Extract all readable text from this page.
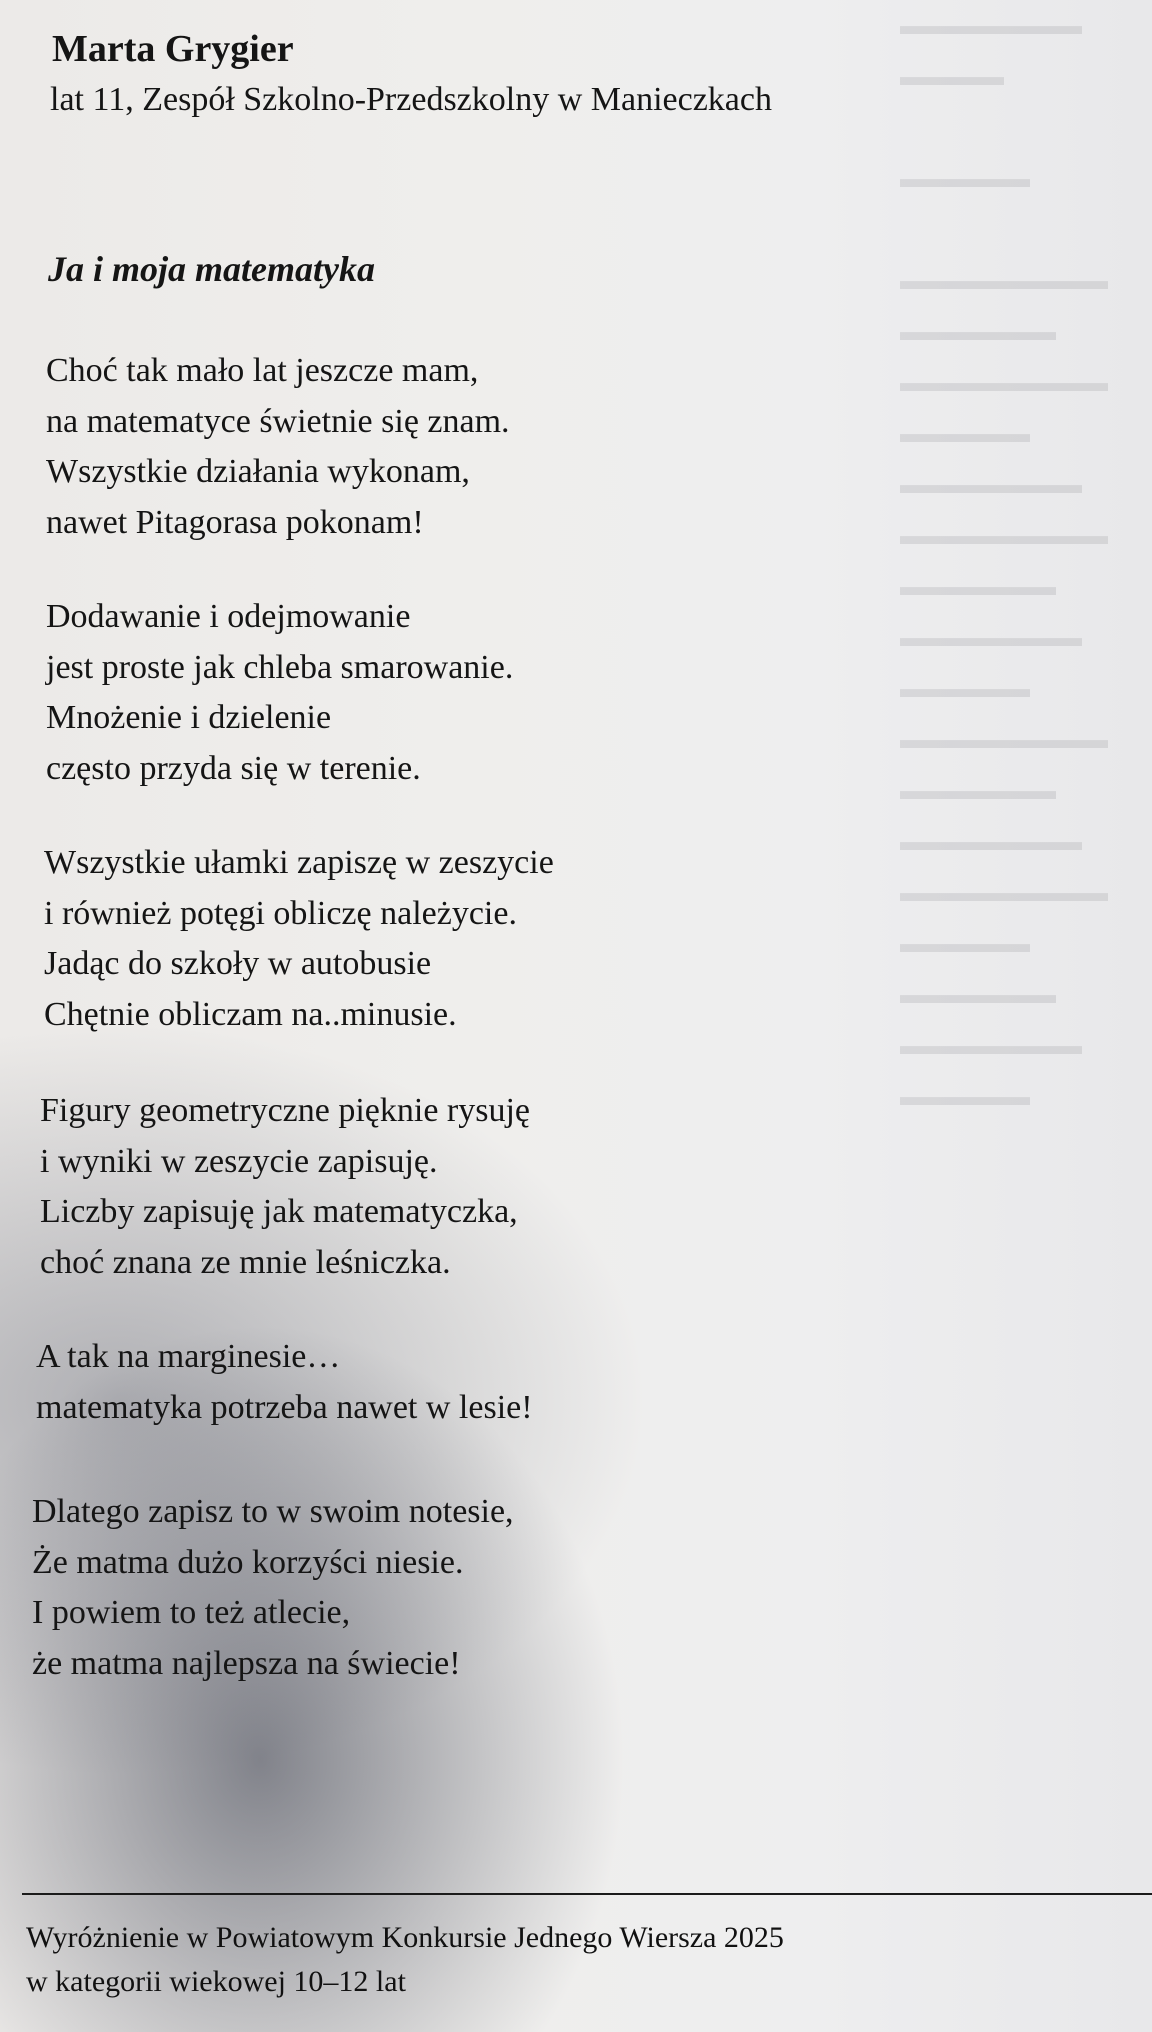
▬▬▬▬▬▬▬
▬▬▬▬

▬▬▬▬▬

▬▬▬▬▬▬▬▬
▬▬▬▬▬▬
▬▬▬▬▬▬▬▬
▬▬▬▬▬
▬▬▬▬▬▬▬
▬▬▬▬▬▬▬▬
▬▬▬▬▬▬
▬▬▬▬▬▬▬
▬▬▬▬▬
▬▬▬▬▬▬▬▬
▬▬▬▬▬▬
▬▬▬▬▬▬▬
▬▬▬▬▬▬▬▬
▬▬▬▬▬
▬▬▬▬▬▬
▬▬▬▬▬▬▬
▬▬▬▬▬
Marta Grygier
lat 11, Zespół Szkolno-Przedszkolny w Manieczkach
Ja i moja matematyka
Choć tak mało lat jeszcze mam,
na matematyce świetnie się znam.
Wszystkie działania wykonam,
nawet Pitagorasa pokonam!
Dodawanie i odejmowanie
jest proste jak chleba smarowanie.
Mnożenie i dzielenie
często przyda się w terenie.
Wszystkie ułamki zapiszę w zeszycie
i również potęgi obliczę należycie.
Jadąc do szkoły w autobusie
Chętnie obliczam na..minusie.
Figury geometryczne pięknie rysuję
i wyniki w zeszycie zapisuję.
Liczby zapisuję jak matematyczka,
choć znana ze mnie leśniczka.
A tak na marginesie…
matematyka potrzeba nawet w lesie!
Dlatego zapisz to w swoim notesie,
Że matma dużo korzyści niesie.
I powiem to też atlecie,
że matma najlepsza na świecie!
Wyróżnienie w Powiatowym Konkursie Jednego Wiersza 2025
w kategorii wiekowej 10–12 lat
